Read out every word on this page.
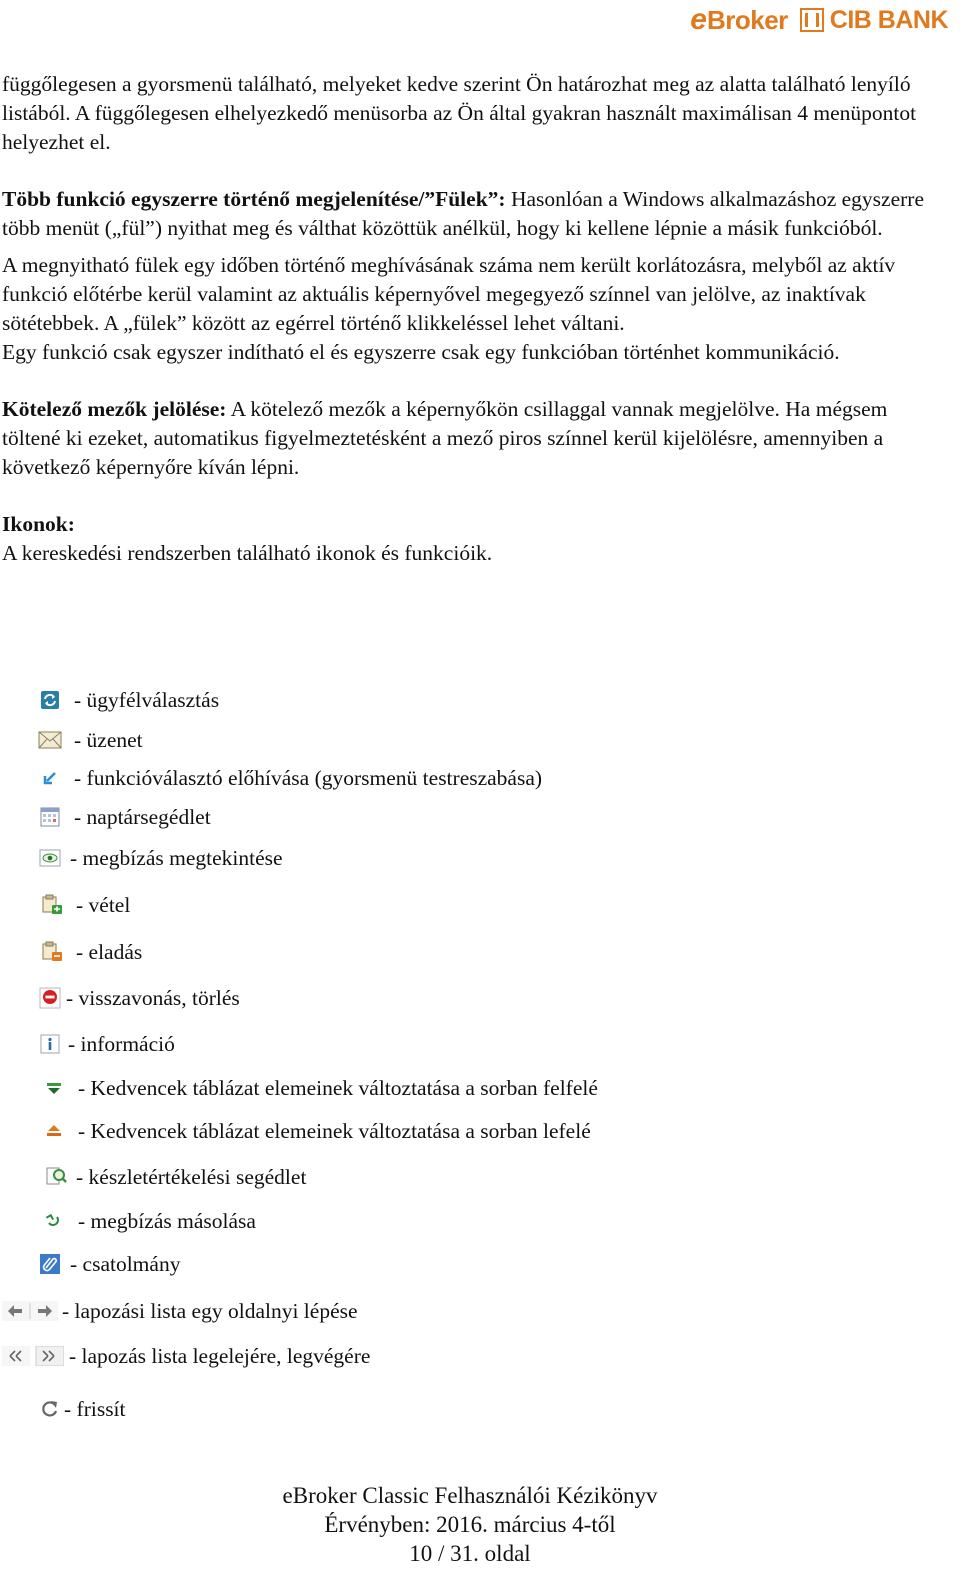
e Broker CIB BANK

függőlegesen a gyorsmenü található, melyeket kedve szerint Ön határozhat meg az alatta található lenyíló listából. A függőlegesen elhelyezkedő menüsorba az Ön által gyakran használt maximálisan 4 menüpontot helyezhet el.

Több funkció egyszerre történő megjelenítése/”Fülek”: Hasonlóan a Windows alkalmazáshoz egyszerre több menüt („fül”) nyithat meg és válthat közöttük anélkül, hogy ki kellene lépnie a másik funkcióból.

A megnyitható fülek egy időben történő meghívásának száma nem került korlátozásra, melyből az aktív funkció előtérbe kerül valamint az aktuális képernyővel megegyező színnel van jelölve, az inaktívak sötétebbek. A „fülek” között az egérrel történő klikkeléssel lehet váltani.

Egy funkció csak egyszer indítható el és egyszerre csak egy funkcióban történhet kommunikáció.

Kötelező mezők jelölése: A kötelező mezők a képernyőkön csillaggal vannak megjelölve. Ha mégsem töltené ki ezeket, automatikus figyelmeztetésként a mező piros színnel kerül kijelölésre, amennyiben a következő képernyőre kíván lépni.

Ikonok:

A kereskedési rendszerben található ikonok és funkcióik.

- ügyfélválasztás
- üzenet
- funkcióválasztó előhívása (gyorsmenü testreszabása)
- naptársegédlet
- megbízás megtekintése
- vétel
- eladás
- visszavonás, törlés
- információ
- Kedvencek táblázat elemeinek változtatása a sorban felfelé
- Kedvencek táblázat elemeinek változtatása a sorban lefelé
- készletértékelési segédlet
- megbízás másolása
- csatolmány
- lapozási lista egy oldalnyi lépése
- lapozás lista legelejére, legvégére
- frissít

eBroker Classic Felhasználói Kézikönyv

Érvényben: 2016. március 4-től

10 / 31. oldal
